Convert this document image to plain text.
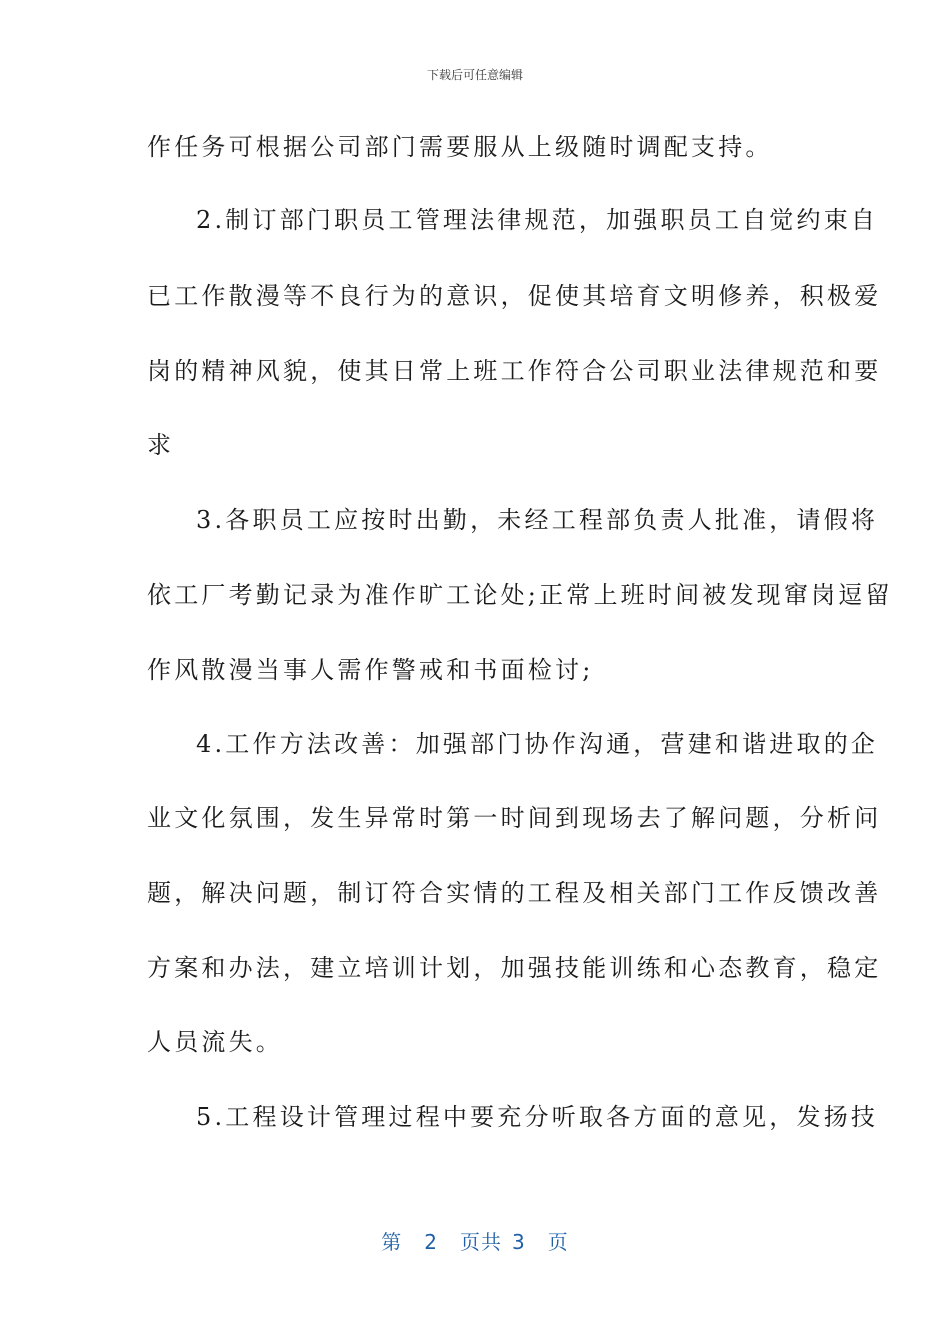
下载后可任意编辑
作任务可根据公司部门需要服从上级随时调配支持。
2.制订部门职员工管理法律规范，加强职员工自觉约束自
已工作散漫等不良行为的意识，促使其培育文明修养，积极爱
岗的精神风貌，使其日常上班工作符合公司职业法律规范和要
求
3.各职员工应按时出勤，未经工程部负责人批准，请假将
依工厂考勤记录为准作旷工论处;正常上班时间被发现窜岗逗留
作风散漫当事人需作警戒和书面检讨;
4.工作方法改善：加强部门协作沟通，营建和谐进取的企
业文化氛围，发生异常时第一时间到现场去了解问题，分析问
题，解决问题，制订符合实情的工程及相关部门工作反馈改善
方案和办法，建立培训计划，加强技能训练和心态教育，稳定
人员流失。
5.工程设计管理过程中要充分听取各方面的意见，发扬技
第 2 页共 3 页
